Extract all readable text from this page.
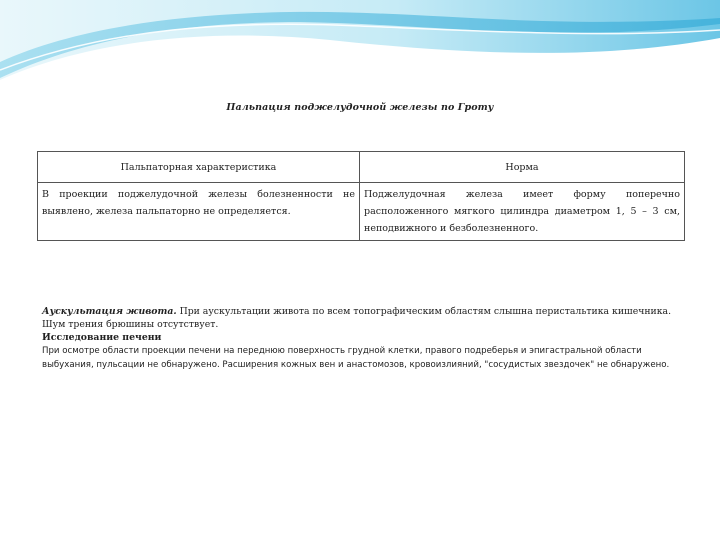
Пальпация поджелудочной железы по Гроту
Пальпаторная характеристика	Норма
В проекции поджелудочной железы болезненности не выявлено, железа пальпаторно не определяется.	Поджелудочная железа имеет форму поперечно расположенного мягкого цилиндра диаметром 1, 5 – 3 см, неподвижного и безболезненного.

Аускультация живота. При аускультации живота по всем топографическим областям слышна перистальтика кишечника. Шум трения брюшины отсутствует.

Исследование печени

При осмотре области проекции печени на переднюю поверхность грудной клетки, правого подреберья и эпигастральной области выбухания, пульсации не обнаружено. Расширения кожных вен и анастомозов, кровоизлияний, "сосудистых звездочек" не обнаружено.
